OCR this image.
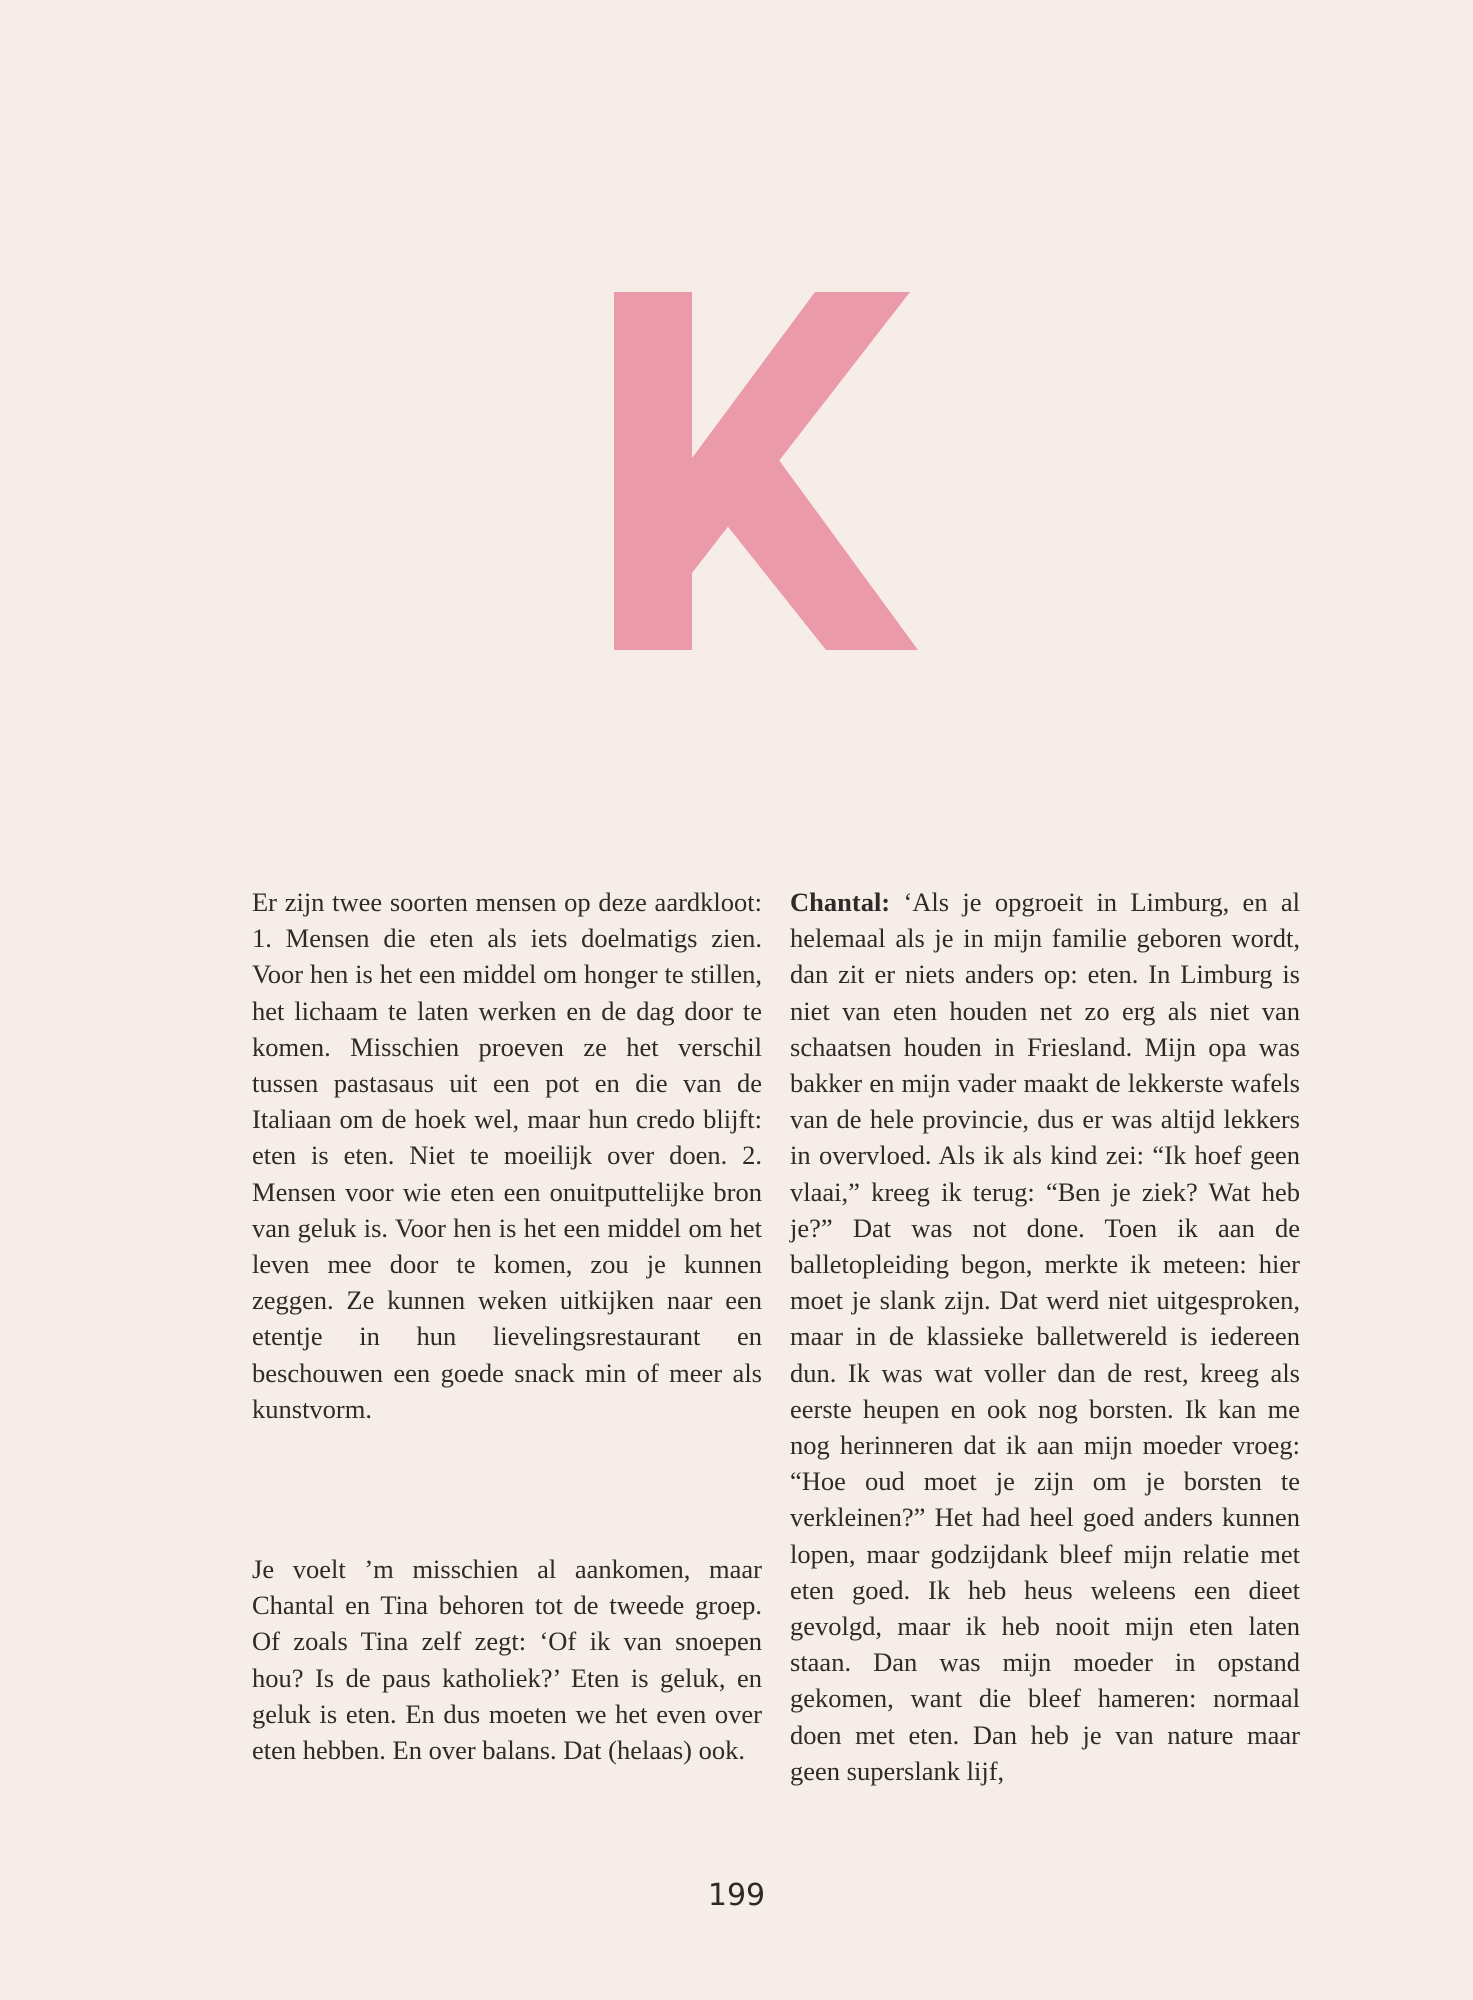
Er zijn twee soorten mensen op deze aardkloot: 1. Mensen die eten als iets doelmatigs zien. Voor hen is het een middel om honger te stillen, het lichaam te laten werken en de dag door te komen. Misschien proeven ze het verschil tussen pastasaus uit een pot en die van de Italiaan om de hoek wel, maar hun credo blijft: eten is eten. Niet te moeilijk over doen. 2. Mensen voor wie eten een onuitputtelijke bron van geluk is. Voor hen is het een middel om het leven mee door te komen, zou je kunnen zeggen. Ze kunnen weken uitkijken naar een etentje in hun lievelingsrestaurant en beschouwen een goede snack min of meer als kunstvorm.

Je voelt ’m misschien al aankomen, maar Chantal en Tina behoren tot de tweede groep. Of zoals Tina zelf zegt: ‘Of ik van snoepen hou? Is de paus katholiek?’ Eten is geluk, en geluk is eten. En dus moeten we het even over eten hebben. En over balans. Dat (helaas) ook.

Chantal: ‘Als je opgroeit in Limburg, en al helemaal als je in mijn familie geboren wordt, dan zit er niets anders op: eten. In Limburg is niet van eten houden net zo erg als niet van schaatsen houden in Friesland. Mijn opa was bakker en mijn vader maakt de lekkerste wafels van de hele provincie, dus er was altijd lekkers in overvloed. Als ik als kind zei: “Ik hoef geen vlaai,” kreeg ik terug: “Ben je ziek? Wat heb je?” Dat was not done. Toen ik aan de balletopleiding begon, merkte ik meteen: hier moet je slank zijn. Dat werd niet uitgesproken, maar in de klassieke balletwereld is iedereen dun. Ik was wat voller dan de rest, kreeg als eerste heupen en ook nog borsten. Ik kan me nog herinneren dat ik aan mijn moeder vroeg: “Hoe oud moet je zijn om je borsten te verkleinen?” Het had heel goed anders kunnen lopen, maar godzijdank bleef mijn relatie met eten goed. Ik heb heus weleens een dieet gevolgd, maar ik heb nooit mijn eten laten staan. Dan was mijn moeder in opstand gekomen, want die bleef hameren: normaal doen met eten. Dan heb je van nature maar geen superslank lijf,

199
